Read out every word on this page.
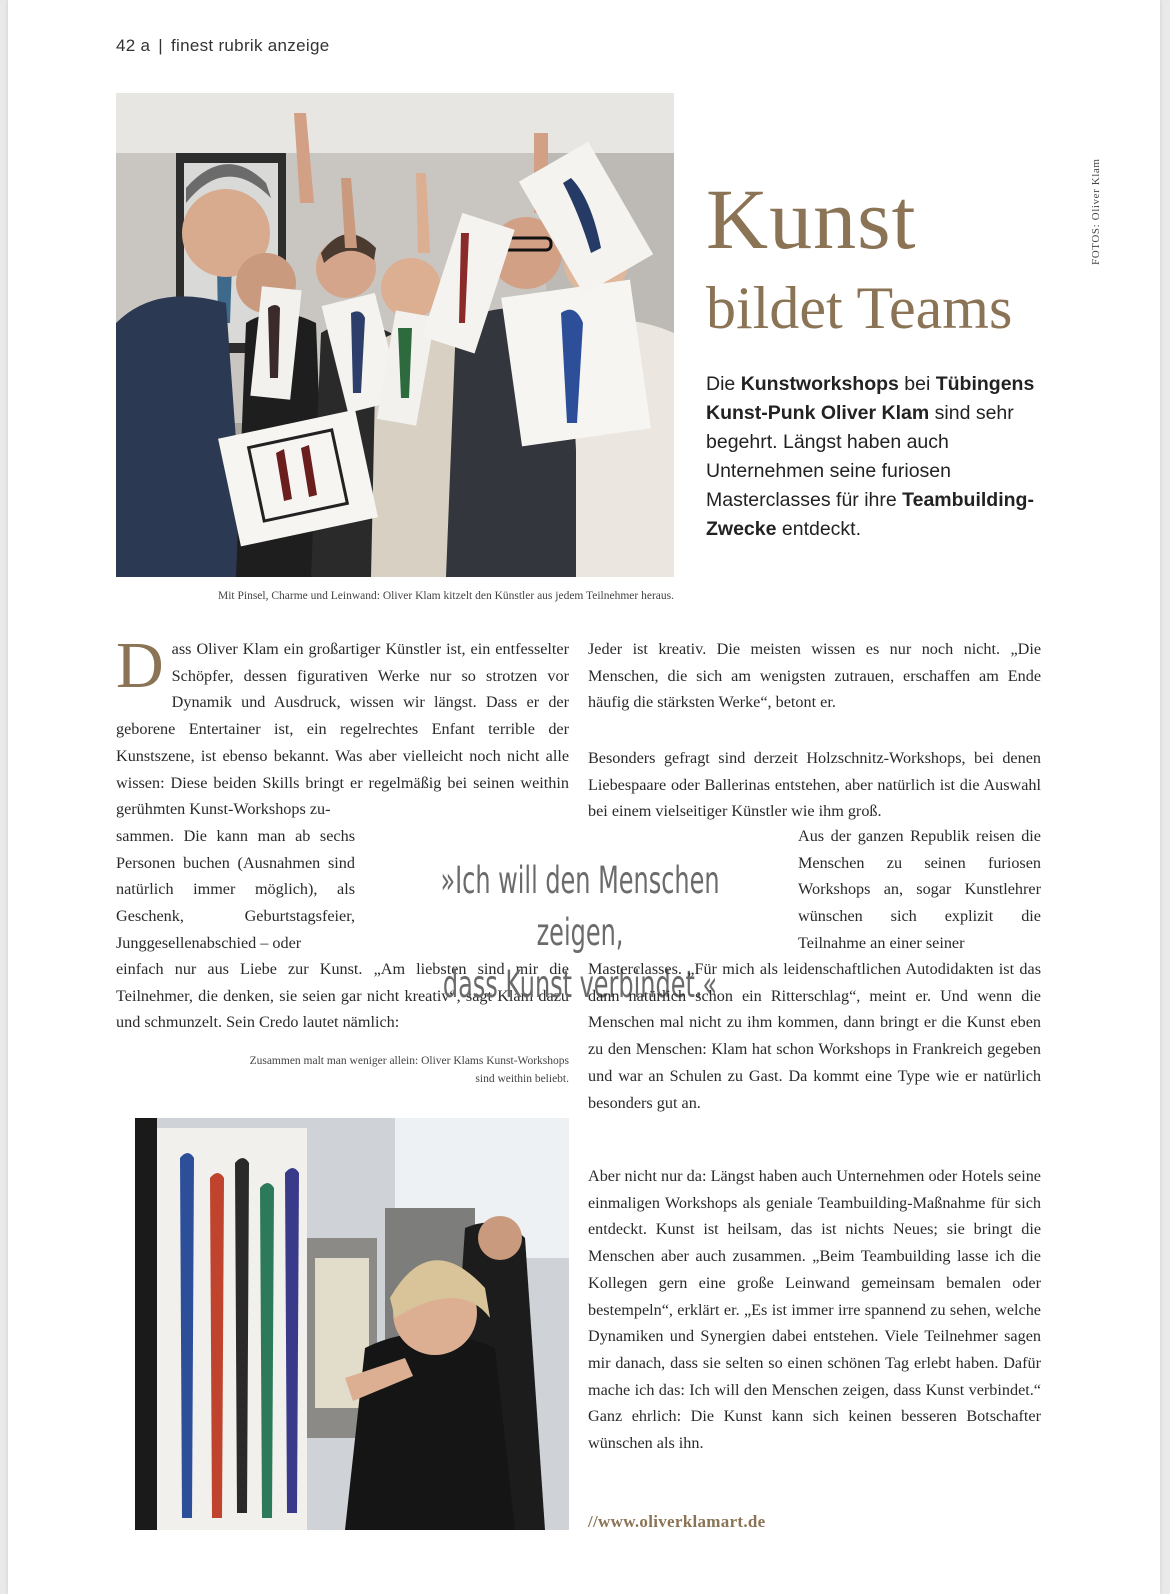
42 a | finest rubrik anzeige
FOTOS: Oliver Klam
Mit Pinsel, Charme und Leinwand: Oliver Klam kitzelt den Künstler aus jedem Teilnehmer heraus.
Kunst
bildet Teams
Die Kunstworkshops bei Tübingens Kunst-Punk Oliver Klam sind sehr begehrt. Längst haben auch Unternehmen seine furiosen Masterclasses für ihre Teambuilding-Zwecke entdeckt.

Dass Oliver Klam ein großartiger Künstler ist, ein entfesselter Schöpfer, dessen figurativen Werke nur so strotzen vor Dynamik und Ausdruck, wissen wir längst. Dass er der geborene Entertainer ist, ein regelrechtes Enfant terrible der Kunstszene, ist ebenso bekannt. Was aber vielleicht noch nicht alle wissen: Diese beiden Skills bringt er regelmäßig bei seinen weithin gerühmten Kunst-Workshops zu-

sammen. Die kann man ab sechs Personen buchen (Ausnahmen sind natürlich immer möglich), als Geschenk, Geburtstagsfeier, Junggesellenabschied – oder

einfach nur aus Liebe zur Kunst. „Am liebsten sind mir die Teilnehmer, die denken, sie seien gar nicht kreativ“, sagt Klam dazu und schmunzelt. Sein Credo lautet nämlich:

»Ich will den Menschen zeigen,
dass Kunst verbindet.«
Zusammen malt man weniger allein: Oliver Klams Kunst-Workshops sind weithin beliebt.

Jeder ist kreativ. Die meisten wissen es nur noch nicht. „Die Menschen, die sich am wenigsten zutrauen, erschaffen am Ende häufig die stärksten Werke“, betont er.

Besonders gefragt sind derzeit Holzschnitz-Workshops, bei denen Liebespaare oder Ballerinas entstehen, aber natürlich ist die Auswahl bei einem vielseitiger Künstler wie ihm groß.

Aus der ganzen Republik reisen die Menschen zu seinen furiosen Workshops an, sogar Kunstlehrer wünschen sich explizit die Teilnahme an einer seiner

Masterclasses. „Für mich als leidenschaftlichen Autodidakten ist das dann natürlich schon ein Ritterschlag“, meint er. Und wenn die Menschen mal nicht zu ihm kommen, dann bringt er die Kunst eben zu den Menschen: Klam hat schon Workshops in Frankreich gegeben und war an Schulen zu Gast. Da kommt eine Type wie er natürlich besonders gut an.

Aber nicht nur da: Längst haben auch Unternehmen oder Hotels seine einmaligen Workshops als geniale Teambuilding-Maßnahme für sich entdeckt. Kunst ist heilsam, das ist nichts Neues; sie bringt die Menschen aber auch zusammen. „Beim Teambuilding lasse ich die Kollegen gern eine große Leinwand gemeinsam bemalen oder bestempeln“, erklärt er. „Es ist immer irre spannend zu sehen, welche Dynamiken und Synergien dabei entstehen. Viele Teilnehmer sagen mir danach, dass sie selten so einen schönen Tag erlebt haben. Dafür mache ich das: Ich will den Menschen zeigen, dass Kunst verbindet.“ Ganz ehrlich: Die Kunst kann sich keinen besseren Botschafter wünschen als ihn.

//www.oliverklamart.de
